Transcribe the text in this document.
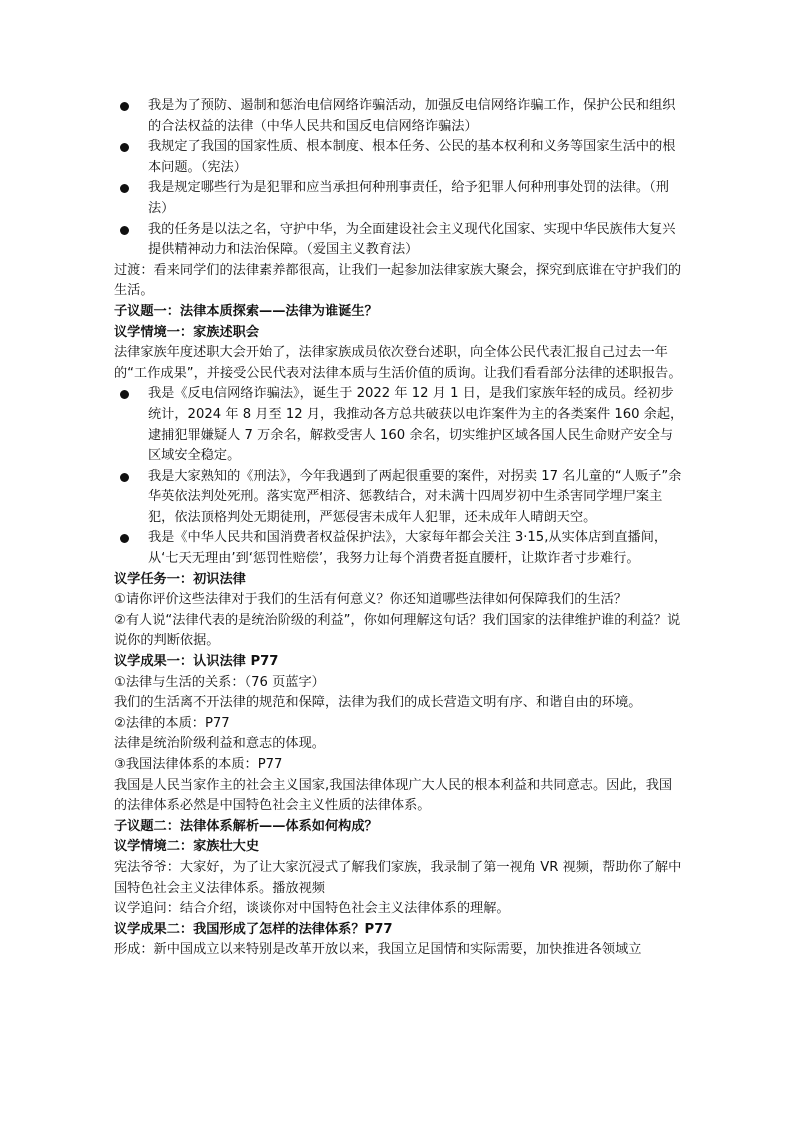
我是为了预防、遏制和惩治电信网络诈骗活动，加强反电信网络诈骗工作，保护公民和组织的合法权益的法律（中华人民共和国反电信网络诈骗法）

我规定了我国的国家性质、根本制度、根本任务、公民的基本权利和义务等国家生活中的根本问题。（宪法）

我是规定哪些行为是犯罪和应当承担何种刑事责任，给予犯罪人何种刑事处罚的法律。（刑法）

我的任务是以法之名，守护中华，为全面建设社会主义现代化国家、实现中华民族伟大复兴提供精神动力和法治保障。（爱国主义教育法）

过渡：看来同学们的法律素养都很高，让我们一起参加法律家族大聚会，探究到底谁在守护我们的生活。

子议题一：法律本质探索——法律为谁诞生？

议学情境一：家族述职会

法律家族年度述职大会开始了，法律家族成员依次登台述职，向全体公民代表汇报自己过去一年的“工作成果”，并接受公民代表对法律本质与生活价值的质询。让我们看看部分法律的述职报告。

我是《反电信网络诈骗法》，诞生于 2022 年 12 月 1 日，是我们家族年轻的成员。经初步统计，2024 年 8 月至 12 月，我推动各方总共破获以电诈案件为主的各类案件 160 余起，逮捕犯罪嫌疑人 7 万余名，解救受害人 160 余名，切实维护区域各国人民生命财产安全与区域安全稳定。

我是大家熟知的《刑法》，今年我遇到了两起很重要的案件，对拐卖 17 名儿童的“人贩子”余华英依法判处死刑。落实宽严相济、惩教结合，对未满十四周岁初中生杀害同学埋尸案主犯，依法顶格判处无期徒刑，严惩侵害未成年人犯罪，还未成年人晴朗天空。

我是《中华人民共和国消费者权益保护法》，大家每年都会关注 3·15,从实体店到直播间，从‘七天无理由’到‘惩罚性赔偿’，我努力让每个消费者挺直腰杆，让欺诈者寸步难行。

议学任务一：初识法律

①请你评价这些法律对于我们的生活有何意义？你还知道哪些法律如何保障我们的生活？

②有人说“法律代表的是统治阶级的利益”，你如何理解这句话？我们国家的法律维护谁的利益？说说你的判断依据。

议学成果一：认识法律 P77

①法律与生活的关系：（76 页蓝字）

我们的生活离不开法律的规范和保障，法律为我们的成长营造文明有序、和谐自由的环境。

②法律的本质：P77

法律是统治阶级利益和意志的体现。

③我国法律体系的本质：P77

我国是人民当家作主的社会主义国家,我国法律体现广大人民的根本利益和共同意志。因此，我国的法律体系必然是中国特色社会主义性质的法律体系。

子议题二：法律体系解析——体系如何构成？

议学情境二：家族壮大史

宪法爷爷：大家好，为了让大家沉浸式了解我们家族，我录制了第一视角 VR 视频，帮助你了解中国特色社会主义法律体系。播放视频

议学追问：结合介绍，谈谈你对中国特色社会主义法律体系的理解。

议学成果二：我国形成了怎样的法律体系？P77

形成：新中国成立以来特别是改革开放以来，我国立足国情和实际需要，加快推进各领域立
